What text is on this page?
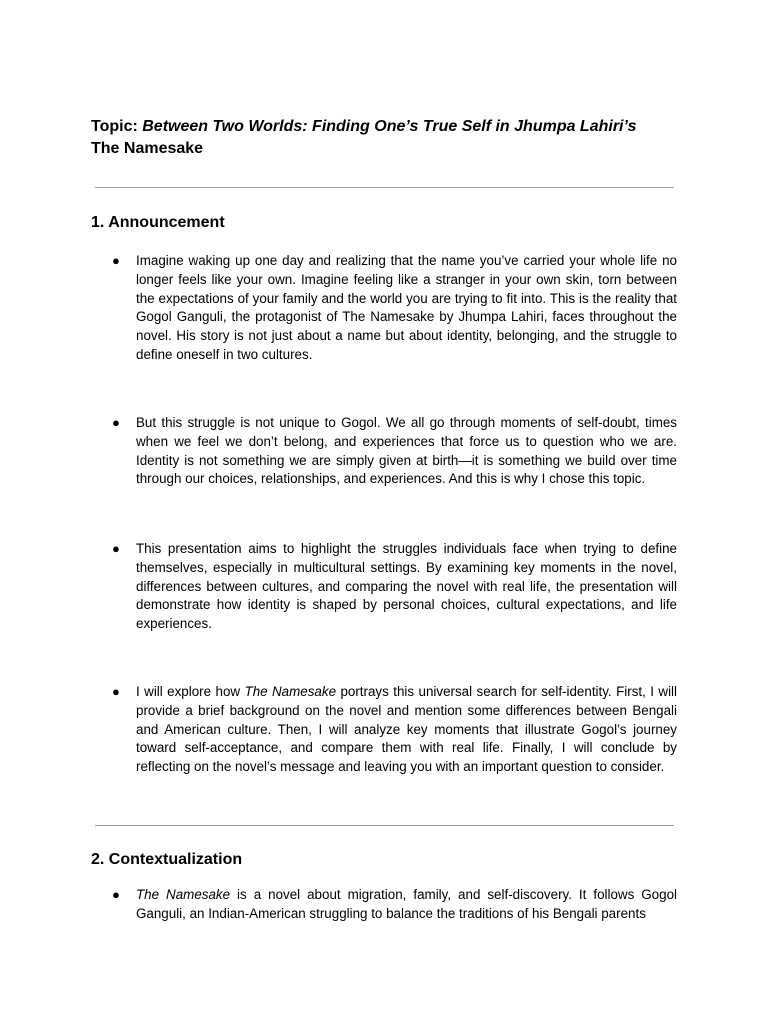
Topic: Between Two Worlds: Finding One’s True Self in Jhumpa Lahiri’s
The Namesake
1. Announcement
● Imagine waking up one day and realizing that the name you’ve carried your whole life no longer feels like your own. Imagine feeling like a stranger in your own skin, torn between the expectations of your family and the world you are trying to fit into. This is the reality that Gogol Ganguli, the protagonist of The Namesake by Jhumpa Lahiri, faces throughout the novel. His story is not just about a name but about identity, belonging, and the struggle to define oneself in two cultures.
● But this struggle is not unique to Gogol. We all go through moments of self-doubt, times when we feel we don’t belong, and experiences that force us to question who we are. Identity is not something we are simply given at birth—it is something we build over time through our choices, relationships, and experiences. And this is why I chose this topic.
● This presentation aims to highlight the struggles individuals face when trying to define themselves, especially in multicultural settings. By examining key moments in the novel, differences between cultures, and comparing the novel with real life, the presentation will demonstrate how identity is shaped by personal choices, cultural expectations, and life experiences.
● I will explore how The Namesake portrays this universal search for self-identity. First, I will provide a brief background on the novel and mention some differences between Bengali and American culture. Then, I will analyze key moments that illustrate Gogol’s journey toward self-acceptance, and compare them with real life. Finally, I will conclude by reflecting on the novel’s message and leaving you with an important question to consider.
2. Contextualization
● The Namesake is a novel about migration, family, and self-discovery. It follows Gogol Ganguli, an Indian-American struggling to balance the traditions of his Bengali parents
